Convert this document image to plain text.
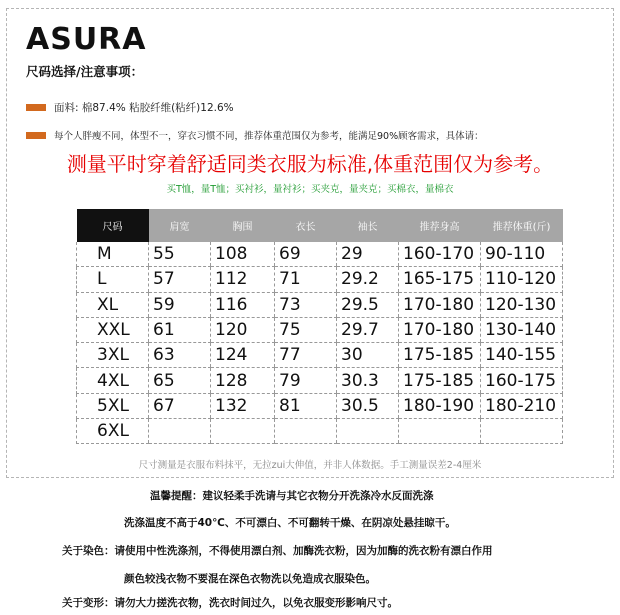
ASURA
尺码选择/注意事项：
面料: 棉87.4% 粘胶纤维(粘纤)12.6%
每个人胖瘦不同，体型不一，穿衣习惯不同，推荐体重范围仅为参考，能满足90%顾客需求，具体请：
测量平时穿着舒适同类衣服为标准,体重范围仅为参考。
买T恤，量T恤；买衬衫，量衬衫；买夹克，量夹克；买棉衣，量棉衣
尺码	肩宽	胸围	衣长	袖长	推荐身高	推荐体重(斤)
M	55	108	69	29	160-170	90-110
L	57	112	71	29.2	165-175	110-120
XL	59	116	73	29.5	170-180	120-130
XXL	61	120	75	29.7	170-180	130-140
3XL	63	124	77	30	175-185	140-155
4XL	65	128	79	30.3	175-185	160-175
5XL	67	132	81	30.5	180-190	180-210
6XL						
尺寸测量是衣服布料抹平，无拉zui大伸值，并非人体数据。手工测量误差2-4厘米
温馨提醒：建议轻柔手洗请与其它衣物分开洗涤冷水反面洗涤
洗涤温度不高于40℃、不可漂白、不可翻转干燥、在阴凉处悬挂晾干。
关于染色：请使用中性洗涤剂，不得使用漂白剂、加酶洗衣粉，因为加酶的洗衣粉有漂白作用
颜色较浅衣物不要混在深色衣物洗以免造成衣服染色。
关于变形：请勿大力搓洗衣物，洗衣时间过久，以免衣服变形影响尺寸。
